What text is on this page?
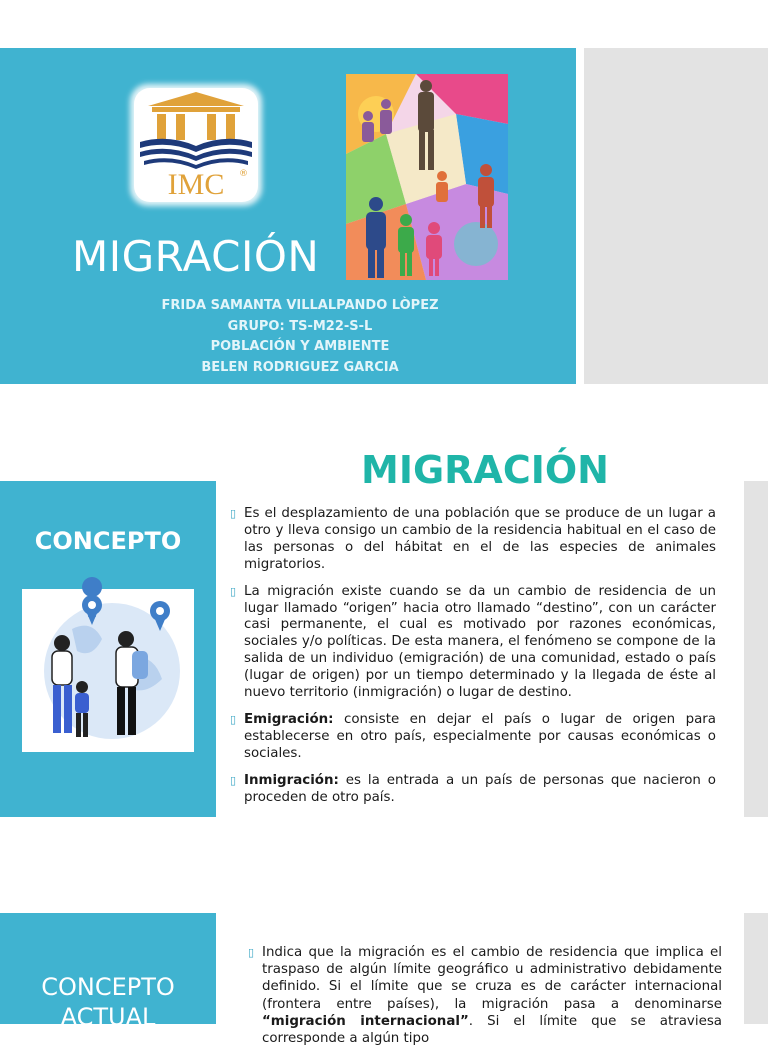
IMC ®
MIGRACIÓN
FRIDA SAMANTA VILLALPANDO LÒPEZ
GRUPO: TS-M22-S-L
POBLACIÓN Y AMBIENTE
BELEN RODRIGUEZ GARCIA
MIGRACIÓN
CONCEPTO
▯ Es el desplazamiento de una población que se produce de un lugar a otro y lleva consigo un cambio de la residencia habitual en el caso de las personas o del hábitat en el de las especies de animales migratorios.
▯ La migración existe cuando se da un cambio de residencia de un lugar llamado “origen” hacia otro llamado “destino”, con un carácter casi permanente, el cual es motivado por razones económicas, sociales y/o políticas. De esta manera, el fenómeno se compone de la salida de un individuo (emigración) de una comunidad, estado o país (lugar de origen) por un tiempo determinado y la llegada de éste al nuevo territorio (inmigración) o lugar de destino.
▯ Emigración: consiste en dejar el país o lugar de origen para establecerse en otro país, especialmente por causas económicas o sociales.
▯ Inmigración: es la entrada a un país de personas que nacieron o proceden de otro país.
CONCEPTO
ACTUAL
▯ Indica que la migración es el cambio de residencia que implica el traspaso de algún límite geográfico u administrativo debidamente definido. Si el límite que se cruza es de carácter internacional (frontera entre países), la migración pasa a denominarse “migración internacional”. Si el límite que se atraviesa corresponde a algún tipo
